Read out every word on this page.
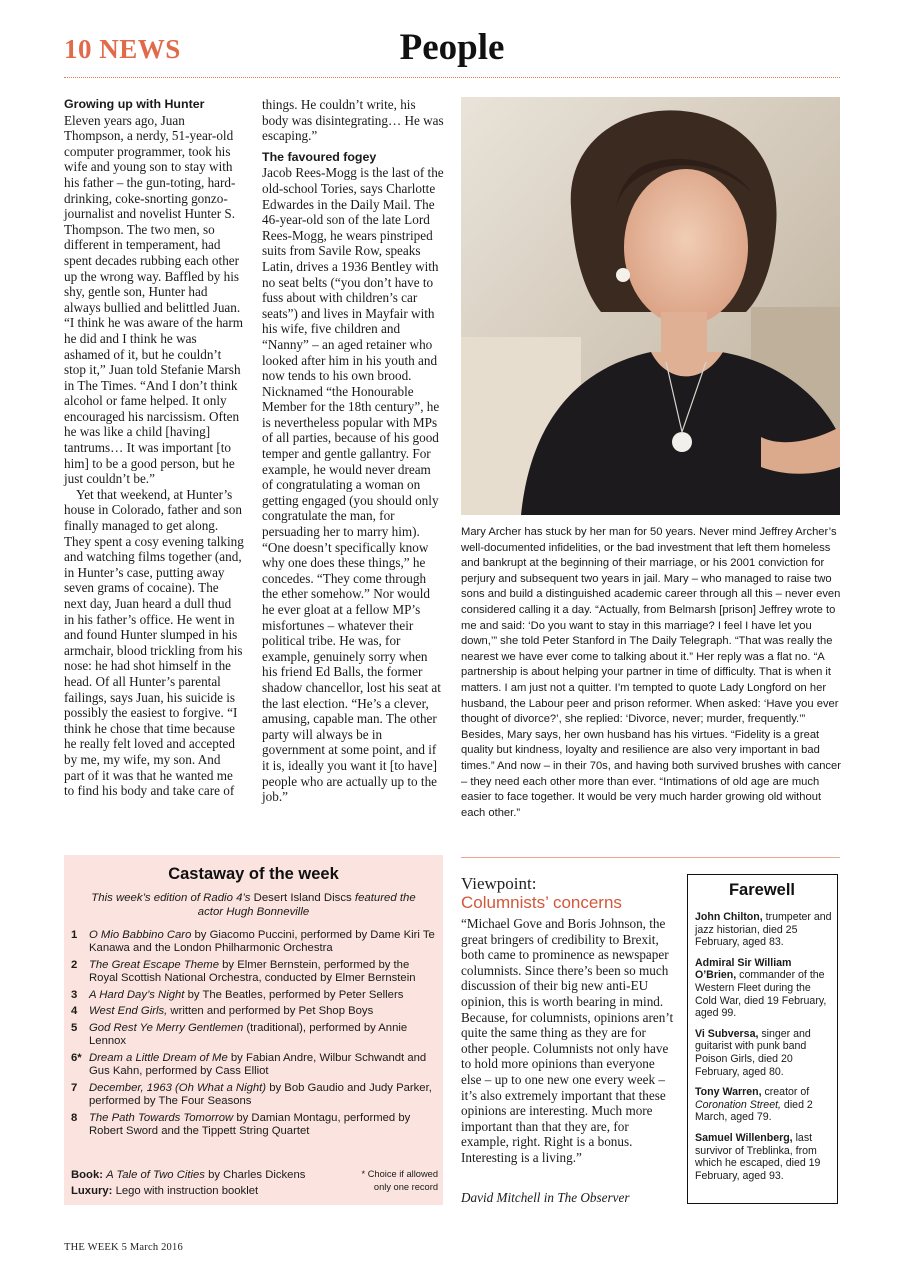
10 NEWS	People

Growing up with Hunter

Eleven years ago, Juan Thompson, a nerdy, 51-year-old computer programmer, took his wife and young son to stay with his father – the gun-toting, hard-drinking, coke-snorting gonzo-journalist and novelist Hunter S. Thompson. The two men, so different in temperament, had spent decades rubbing each other up the wrong way. Baffled by his shy, gentle son, Hunter had always bullied and belittled Juan. “I think he was aware of the harm he did and I think he was ashamed of it, but he couldn’t stop it,” Juan told Stefanie Marsh in The Times. “And I don’t think alcohol or fame helped. It only encouraged his narcissism. Often he was like a child [having] tantrums… It was important [to him] to be a good person, but he just couldn’t be.”

Yet that weekend, at Hunter’s house in Colorado, father and son finally managed to get along. They spent a cosy evening talking and watching films together (and, in Hunter’s case, putting away seven grams of cocaine). The next day, Juan heard a dull thud in his father’s office. He went in and found Hunter slumped in his armchair, blood trickling from his nose: he had shot himself in the head. Of all Hunter’s parental failings, says Juan, his suicide is possibly the easiest to forgive. “I think he chose that time because he really felt loved and accepted by me, my wife, my son. And part of it was that he wanted me to find his body and take care of

things. He couldn’t write, his body was disintegrating… He was escaping.”

The favoured fogey

Jacob Rees-Mogg is the last of the old-school Tories, says Charlotte Edwardes in the Daily Mail. The 46-year-old son of the late Lord Rees-Mogg, he wears pinstriped suits from Savile Row, speaks Latin, drives a 1936 Bentley with no seat belts (“you don’t have to fuss about with children’s car seats”) and lives in Mayfair with his wife, five children and “Nanny” – an aged retainer who looked after him in his youth and now tends to his own brood. Nicknamed “the Honourable Member for the 18th century”, he is nevertheless popular with MPs of all parties, because of his good temper and gentle gallantry. For example, he would never dream of congratulating a woman on getting engaged (you should only congratulate the man, for persuading her to marry him). “One doesn’t specifically know why one does these things,” he concedes. “They come through the ether somehow.” Nor would he ever gloat at a fellow MP’s misfortunes – whatever their political tribe. He was, for example, genuinely sorry when his friend Ed Balls, the former shadow chancellor, lost his seat at the last election. “He’s a clever, amusing, capable man. The other party will always be in government at some point, and if it is, ideally you want it [to have] people who are actually up to the job.”

Mary Archer has stuck by her man for 50 years. Never mind Jeffrey Archer’s well-documented infidelities, or the bad investment that left them homeless and bankrupt at the beginning of their marriage, or his 2001 conviction for perjury and subsequent two years in jail. Mary – who managed to raise two sons and build a distinguished academic career through all this – never even considered calling it a day. “Actually, from Belmarsh [prison] Jeffrey wrote to me and said: ‘Do you want to stay in this marriage? I feel I have let you down,’” she told Peter Stanford in The Daily Telegraph. “That was really the nearest we have ever come to talking about it.” Her reply was a flat no. “A partnership is about helping your partner in time of difficulty. That is when it matters. I am just not a quitter. I’m tempted to quote Lady Longford on her husband, the Labour peer and prison reformer. When asked: ‘Have you ever thought of divorce?’, she replied: ‘Divorce, never; murder, frequently.’” Besides, Mary says, her own husband has his virtues. “Fidelity is a great quality but kindness, loyalty and resilience are also very important in bad times.” And now – in their 70s, and having both survived brushes with cancer – they need each other more than ever. “Intimations of old age are much easier to face together. It would be very much harder growing old without each other.”

Castaway of the week
This week’s edition of Radio 4’s Desert Island Discs featured the actor Hugh Bonneville
1 O Mio Babbino Caro by Giacomo Puccini, performed by Dame Kiri Te Kanawa and the London Philharmonic Orchestra
2 The Great Escape Theme by Elmer Bernstein, performed by the Royal Scottish National Orchestra, conducted by Elmer Bernstein
3 A Hard Day’s Night by The Beatles, performed by Peter Sellers
4 West End Girls, written and performed by Pet Shop Boys
5 God Rest Ye Merry Gentlemen (traditional), performed by Annie Lennox
6* Dream a Little Dream of Me by Fabian Andre, Wilbur Schwandt and Gus Kahn, performed by Cass Elliot
7 December, 1963 (Oh What a Night) by Bob Gaudio and Judy Parker, performed by The Four Seasons
8 The Path Towards Tomorrow by Damian Montagu, performed by Robert Sword and the Tippett String Quartet
Book: A Tale of Two Cities by Charles Dickens
Luxury: Lego with instruction booklet
* Choice if allowed only one record
Viewpoint:
Columnists’ concerns

“Michael Gove and Boris Johnson, the great bringers of credibility to Brexit, both came to prominence as newspaper columnists. Since there’s been so much discussion of their big new anti-EU opinion, this is worth bearing in mind. Because, for columnists, opinions aren’t quite the same thing as they are for other people. Columnists not only have to hold more opinions than everyone else – up to one new one every week – it’s also extremely important that these opinions are interesting. Much more important than that they are, for example, right. Right is a bonus. Interesting is a living.”

David Mitchell in The Observer
Farewell
John Chilton, trumpeter and jazz historian, died 25 February, aged 83.
Admiral Sir William O’Brien, commander of the Western Fleet during the Cold War, died 19 February, aged 99.
Vi Subversa, singer and guitarist with punk band Poison Girls, died 20 February, aged 80.
Tony Warren, creator of Coronation Street, died 2 March, aged 79.
Samuel Willenberg, last survivor of Treblinka, from which he escaped, died 19 February, aged 93.
THE WEEK 5 March 2016
